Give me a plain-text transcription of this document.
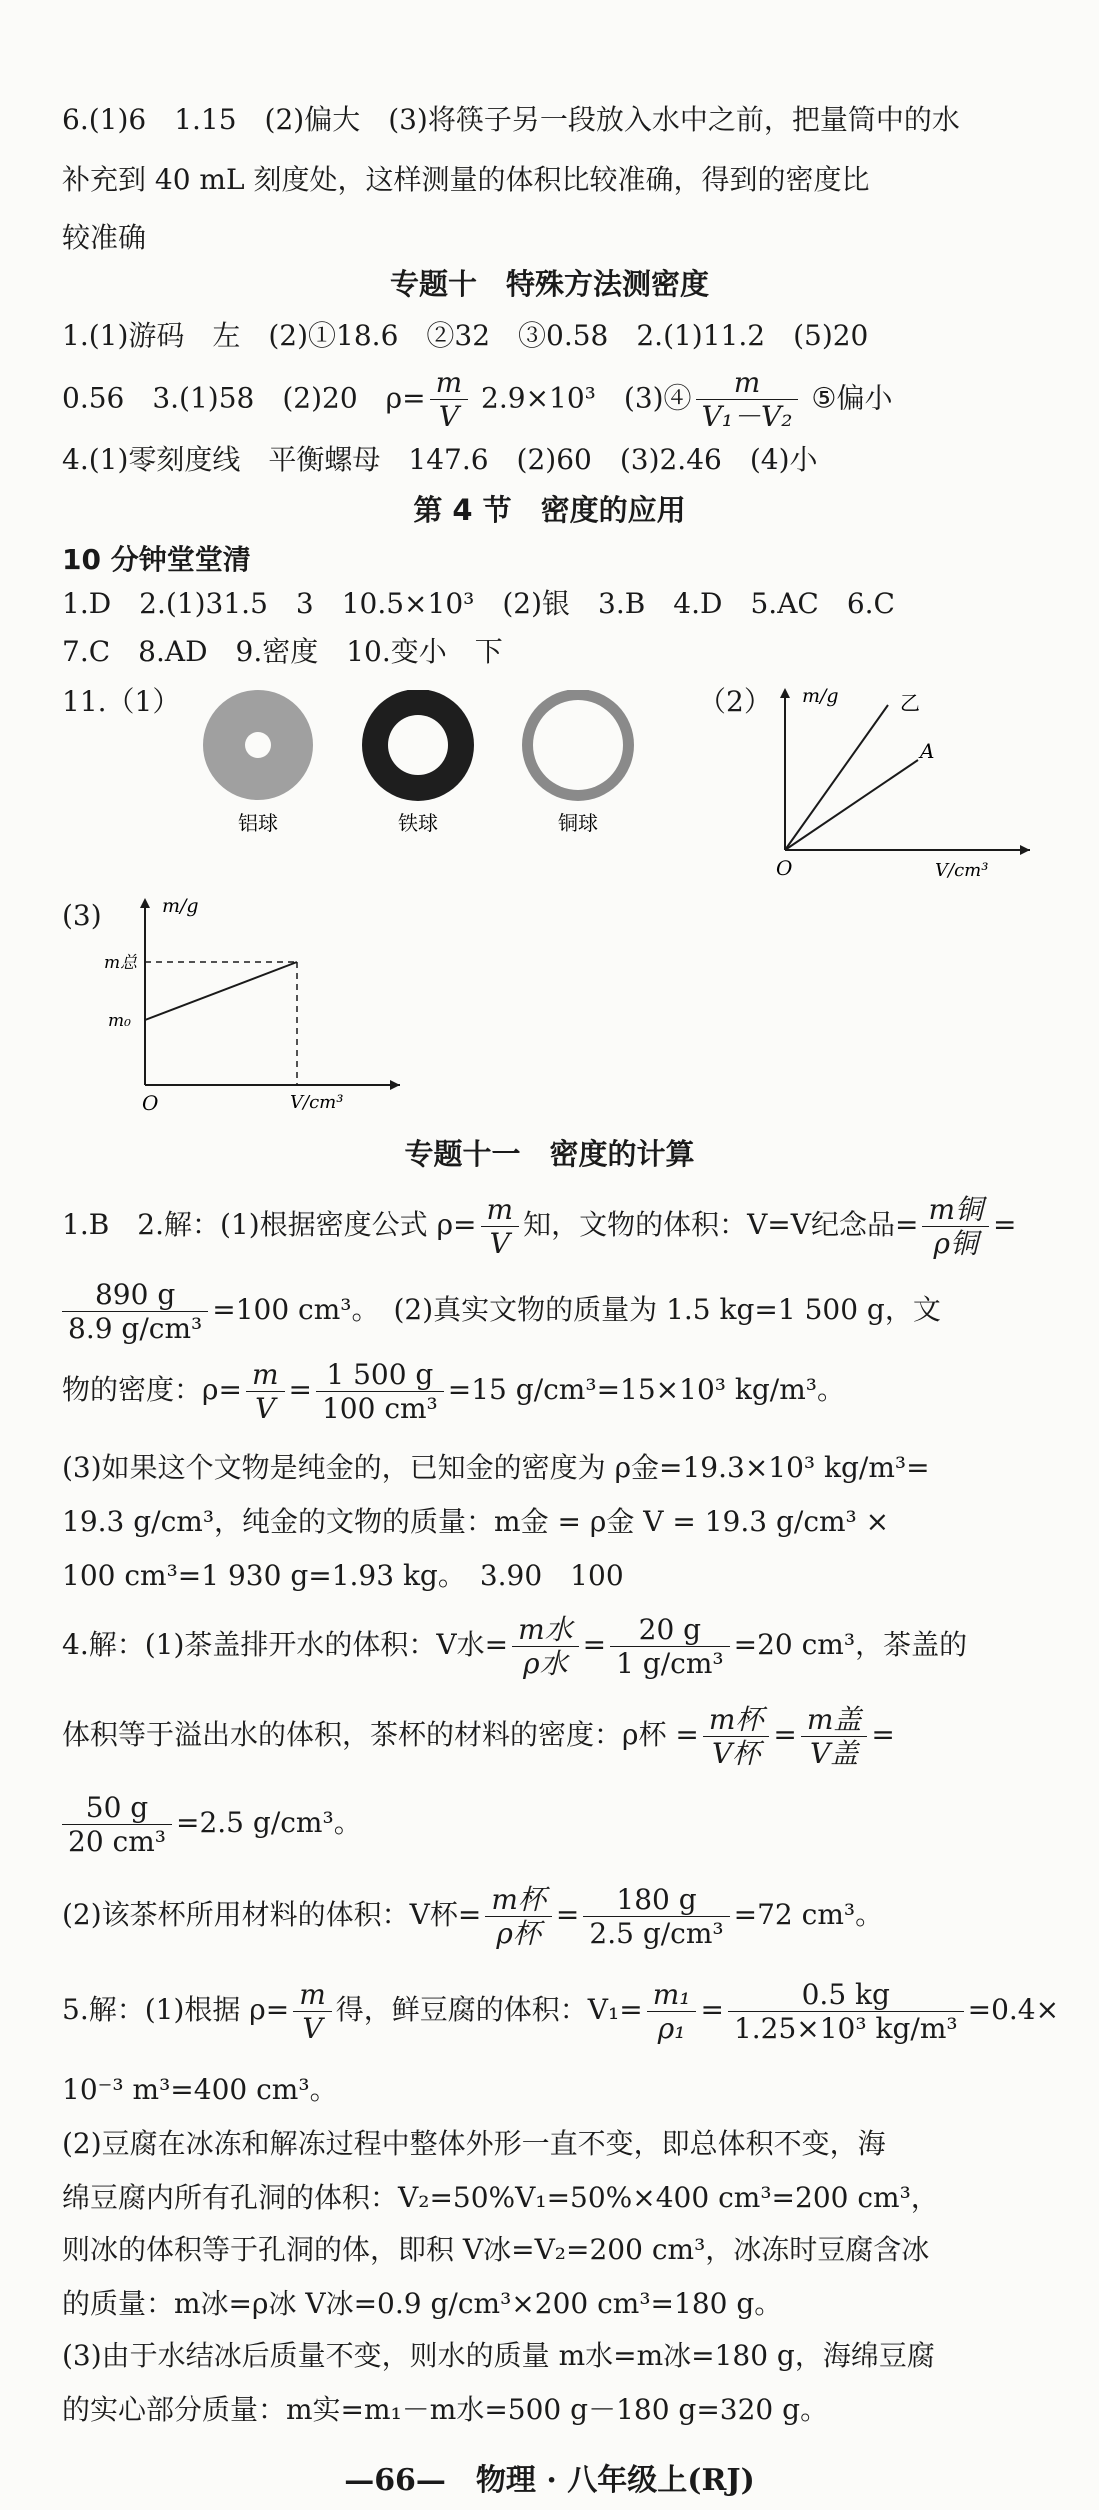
6.(1)6　1.15　(2)偏大　(3)将筷子另一段放入水中之前，把量筒中的水
补充到 40 mL 刻度处，这样测量的体积比较准确，得到的密度比
较准确
专题十　特殊方法测密度
1.(1)游码　左　(2)①18.6　②32　③0.58　2.(1)11.2　(5)20
0.56　3.(1)58　(2)20　$\rho= \frac{m}{V} 2.9\times 10^3$　(3)④ $\frac{m}{\text{V₁－V₂}}$ ⑤偏小
4.(1)零刻度线　平衡螺母　147.6　(2)60　(3)2.46　(4)小
第 4 节　密度的应用
10 分钟堂堂清
1.D　2.(1)31.5　3　10.5×10³　(2)银　3.B　4.D　5.AC　6.C
7.C　8.AD　9.密度　10.变小　下
11.（1）	（2）
铝球	铁球	铜球
m/g	乙
A
O	V/cm³
(3)	m/g
m总
m₀
O	V/cm³
专题十一　密度的计算
1.B　2.解：(1)根据密度公式 $\rho= \frac{m}{V}$ 知，文物的体积：V=V纪念品= $\frac{\text{m铜}}{\text{ρ铜}}$ =
$\frac{890 g}{\text{8.9 g/cm³}} =100$ cm³。　(2)真实文物的质量为 1.5 kg=1 500 g，文
物的密度：$\rho= \frac{m}{V} = \frac{1 500 g}{\text{100 cm³}} =15$ g/cm³=15×10³ kg/m³。
(3)如果这个文物是纯金的，已知金的密度为 ρ金=19.3×10³ kg/m³=
19.3 g/cm³，纯金的文物的质量：m金 = ρ金 V = 19.3 g/cm³ ×
100 cm³=1 930 g=1.93 kg。　3.90　100
4.解：(1)茶盖排开水的体积：V水= $\frac{\text{m水}}{\text{ρ水}} = \frac{20 g}{\text{1 g/cm³}} =20$ cm³，茶盖的
体积等于溢出水的体积，茶杯的材料的密度：ρ杯 = $\frac{\text{m杯}}{\text{V杯}} = \frac{\text{m盖}}{\text{V盖}}$ =
$\frac{50 g}{\text{20 cm³}} =2.5$ g/cm³。
(2)该茶杯所用材料的体积：V杯= $\frac{\text{m杯}}{\text{ρ杯}} = \frac{180 g}{\text{2.5 g/cm³}} =72$ cm³。
5.解：(1)根据 $\rho= \frac{m}{V}$ 得，鲜豆腐的体积：$V_1= \frac{\text{m₁}}{\text{ρ₁}} = \frac{0.5 kg}{\text{1.25×10³ kg/m³}} =0.4\times$
10⁻³ m³=400 cm³。
(2)豆腐在冰冻和解冻过程中整体外形一直不变，即总体积不变，海
绵豆腐内所有孔洞的体积：V₂=50%V₁=50%×400 cm³=200 cm³，
则冰的体积等于孔洞的体，即积 V冰=V₂=200 cm³，冰冻时豆腐含冰
的质量：m冰=ρ冰 V冰=0.9 g/cm³×200 cm³=180 g。
(3)由于水结冰后质量不变，则水的质量 m水=m冰=180 g，海绵豆腐
的实心部分质量：m实=m₁－m水=500 g－180 g=320 g。
—66—　物理 · 八年级上(RJ)
